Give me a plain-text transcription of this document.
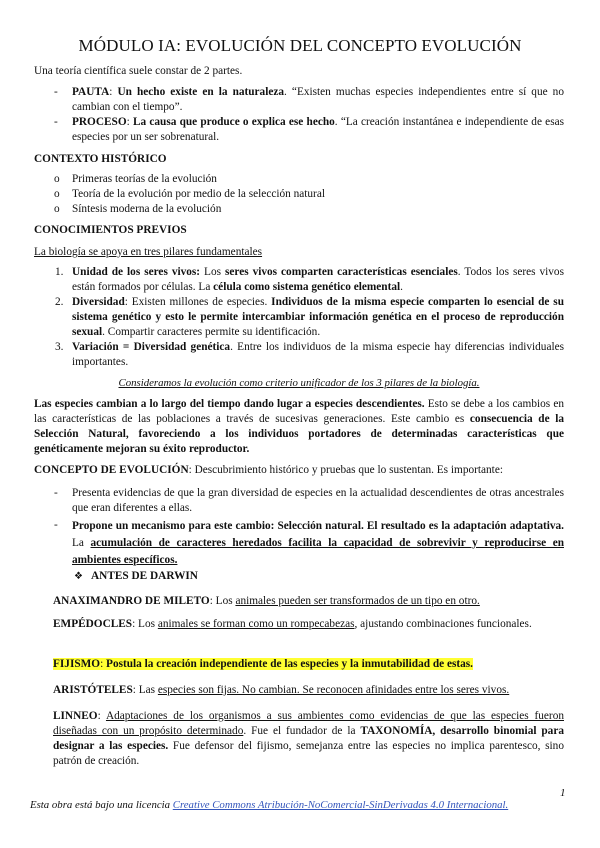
MÓDULO IA: EVOLUCIÓN DEL CONCEPTO EVOLUCIÓN
Una teoría científica suele constar de 2 partes.
- PAUTA: Un hecho existe en la naturaleza. “Existen muchas especies independientes entre sí que no cambian con el tiempo”.
- PROCESO: La causa que produce o explica ese hecho. “La creación instantánea e independiente de esas especies por un ser sobrenatural.
CONTEXTO HISTÓRICO
o Primeras teorías de la evolución
o Teoría de la evolución por medio de la selección natural
o Síntesis moderna de la evolución
CONOCIMIENTOS PREVIOS
La biología se apoya en tres pilares fundamentales
1. Unidad de los seres vivos: Los seres vivos comparten características esenciales. Todos los seres vivos están formados por células. La célula como sistema genético elemental.
2. Diversidad: Existen millones de especies. Individuos de la misma especie comparten lo esencial de su sistema genético y esto le permite intercambiar información genética en el proceso de reproducción sexual. Compartir caracteres permite su identificación.
3. Variación = Diversidad genética. Entre los individuos de la misma especie hay diferencias individuales importantes.
Consideramos la evolución como criterio unificador de los 3 pilares de la biología.
Las especies cambian a lo largo del tiempo dando lugar a especies descendientes. Esto se debe a los cambios en las características de las poblaciones a través de sucesivas generaciones. Este cambio es consecuencia de la Selección Natural, favoreciendo a los individuos portadores de determinadas características que genéticamente mejoran su éxito reproductor.
CONCEPTO DE EVOLUCIÓN: Descubrimiento histórico y pruebas que lo sustentan. Es importante:
- Presenta evidencias de que la gran diversidad de especies en la actualidad descendientes de otras ancestrales que eran diferentes a ellas.
- Propone un mecanismo para este cambio: Selección natural. El resultado es la adaptación adaptativa. La acumulación de caracteres heredados facilita la capacidad de sobrevivir y reproducirse en ambientes específicos.
❖ ANTES DE DARWIN
ANAXIMANDRO DE MILETO: Los animales pueden ser transformados de un tipo en otro.
EMPÉDOCLES: Los animales se forman como un rompecabezas, ajustando combinaciones funcionales.
FIJISMO: Postula la creación independiente de las especies y la inmutabilidad de estas.
ARISTÓTELES: Las especies son fijas. No cambian. Se reconocen afinidades entre los seres vivos.
LINNEO: Adaptaciones de los organismos a sus ambientes como evidencias de que las especies fueron diseñadas con un propósito determinado. Fue el fundador de la TAXONOMÍA, desarrollo binomial para designar a las especies. Fue defensor del fijismo, semejanza entre las especies no implica parentesco, sino patrón de creación.
1
Esta obra está bajo una licencia Creative Commons Atribución-NoComercial-SinDerivadas 4.0 Internacional.
